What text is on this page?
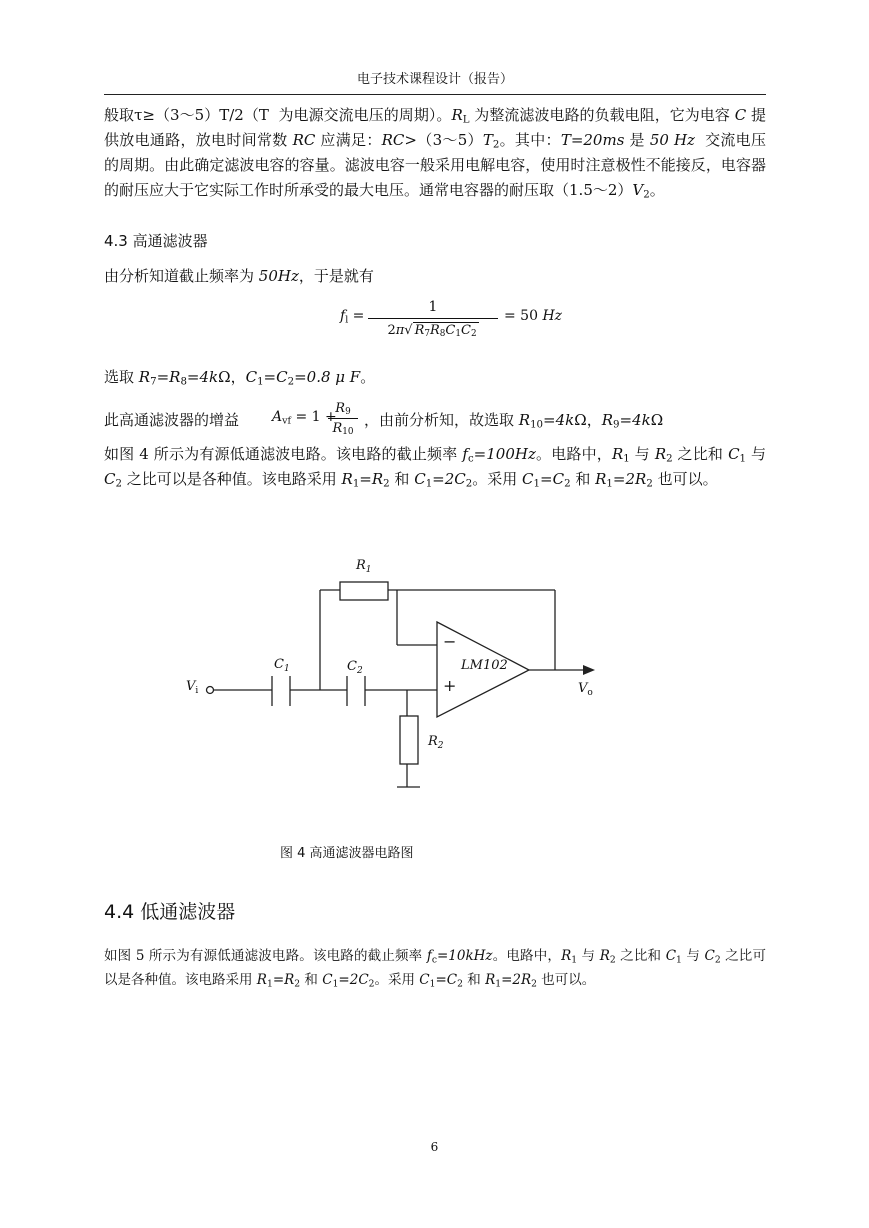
电子技术课程设计（报告）

般取τ≥（3～5）T/2（T  为电源交流电压的周期）。$R_L$ 为整流滤波电路的负载电阻，它为电容 C 提供放电通路，放电时间常数 RC 应满足：$RC>(3\sim 5)T_2$。其中：T=20ms 是 50 Hz  交流电压的周期。由此确定滤波电容的容量。滤波电容一般采用电解电容，使用时注意极性不能接反，电容器的耐压应大于它实际工作时所承受的最大电压。通常电容器的耐压取$(1.5\sim 2)V_2$。

4.3 高通滤波器

由分析知道截止频率为 50Hz，于是就有

$f_l$ =
1
2π√ $R_7R_8C_1C_2$
= 50 Hz

选取 $R_7=R_8=4k\Omega$，$C_1=C_2=0.8$ μ F。

此高通滤波器的增益 $A_{vf} = 1$ +
$R_9$
$R_{10}$
，由前分析知，故选取 $R_{10}=4k\Omega$，$R_9=4k\Omega$

如图 4 所示为有源低通滤波电路。该电路的截止频率 $f_c=100Hz$。电路中，$R_1$ 与 $R_2$ 之比和 $C_1$ 与 $C_2$ 之比可以是各种值。该电路采用 $R_1=R_2$ 和 $C_1=2C_2$。采用 $C_1=C_2$ 和 $R_1=2R_2$ 也可以。

$R_1$
$C_1$	$C_2$
$R_2$
$V_i$	$V_o$
LM102
−
+
图 4 高通滤波器电路图
4.4 低通滤波器

如图 5 所示为有源低通滤波电路。该电路的截止频率 $f_c=10kHz$。电路中，$R_1$ 与 $R_2$ 之比和 $C_1$ 与 $C_2$ 之比可以是各种值。该电路采用 $R_1=R_2$ 和 $C_1=2C_2$。采用 $C_1=C_2$ 和 $R_1=2R_2$ 也可以。

6
